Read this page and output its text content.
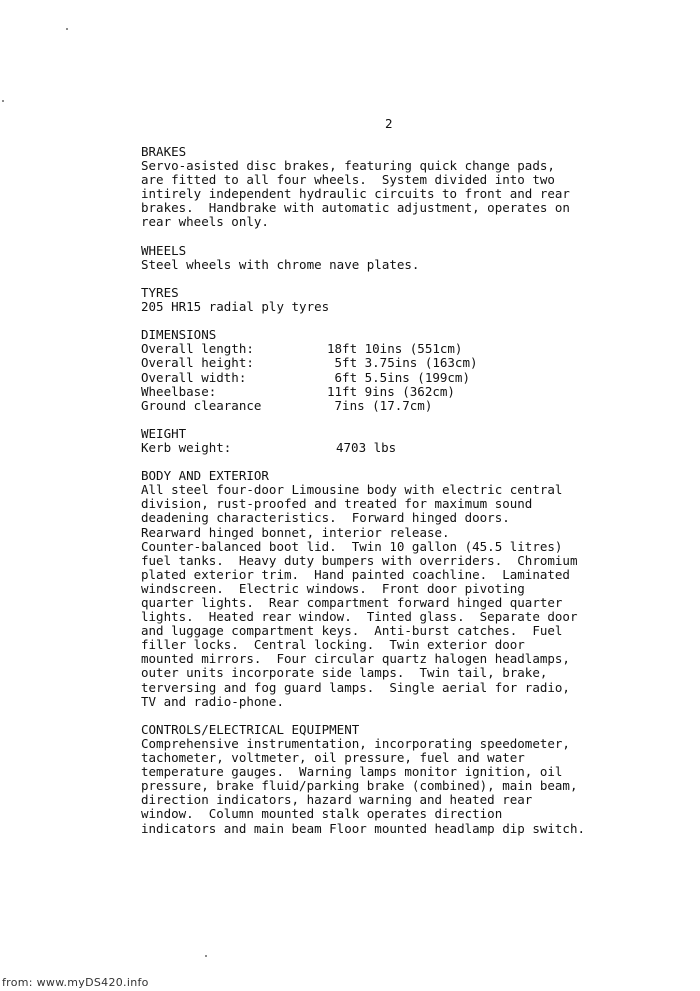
2
BRAKES
Servo-asisted disc brakes, featuring quick change pads,
are fitted to all four wheels.  System divided into two
intirely independent hydraulic circuits to front and rear
brakes.  Handbrake with automatic adjustment, operates on
rear wheels only.
WHEELS
Steel wheels with chrome nave plates.
TYRES
205 HR15 radial ply tyres
DIMENSIONS
Overall length:	18ft 10ins (551cm)
Overall height:	5ft 3.75ins (163cm)
Overall width:	6ft 5.5ins (199cm)
Wheelbase:	11ft 9ins (362cm)
Ground clearance	7ins (17.7cm)
WEIGHT
Kerb weight:	4703 lbs
BODY AND EXTERIOR
All steel four-door Limousine body with electric central
division, rust-proofed and treated for maximum sound
deadening characteristics.  Forward hinged doors.
Rearward hinged bonnet, interior release.
Counter-balanced boot lid.  Twin 10 gallon (45.5 litres)
fuel tanks.  Heavy duty bumpers with overriders.  Chromium
plated exterior trim.  Hand painted coachline.  Laminated
windscreen.  Electric windows.  Front door pivoting
quarter lights.  Rear compartment forward hinged quarter
lights.  Heated rear window.  Tinted glass.  Separate door
and luggage compartment keys.  Anti-burst catches.  Fuel
filler locks.  Central locking.  Twin exterior door
mounted mirrors.  Four circular quartz halogen headlamps,
outer units incorporate side lamps.  Twin tail, brake,
terversing and fog guard lamps.  Single aerial for radio,
TV and radio-phone.
CONTROLS/ELECTRICAL EQUIPMENT
Comprehensive instrumentation, incorporating speedometer,
tachometer, voltmeter, oil pressure, fuel and water
temperature gauges.  Warning lamps monitor ignition, oil
pressure, brake fluid/parking brake (combined), main beam,
direction indicators, hazard warning and heated rear
window.  Column mounted stalk operates direction
indicators and main beam Floor mounted headlamp dip switch.
from: www.myDS420.info
